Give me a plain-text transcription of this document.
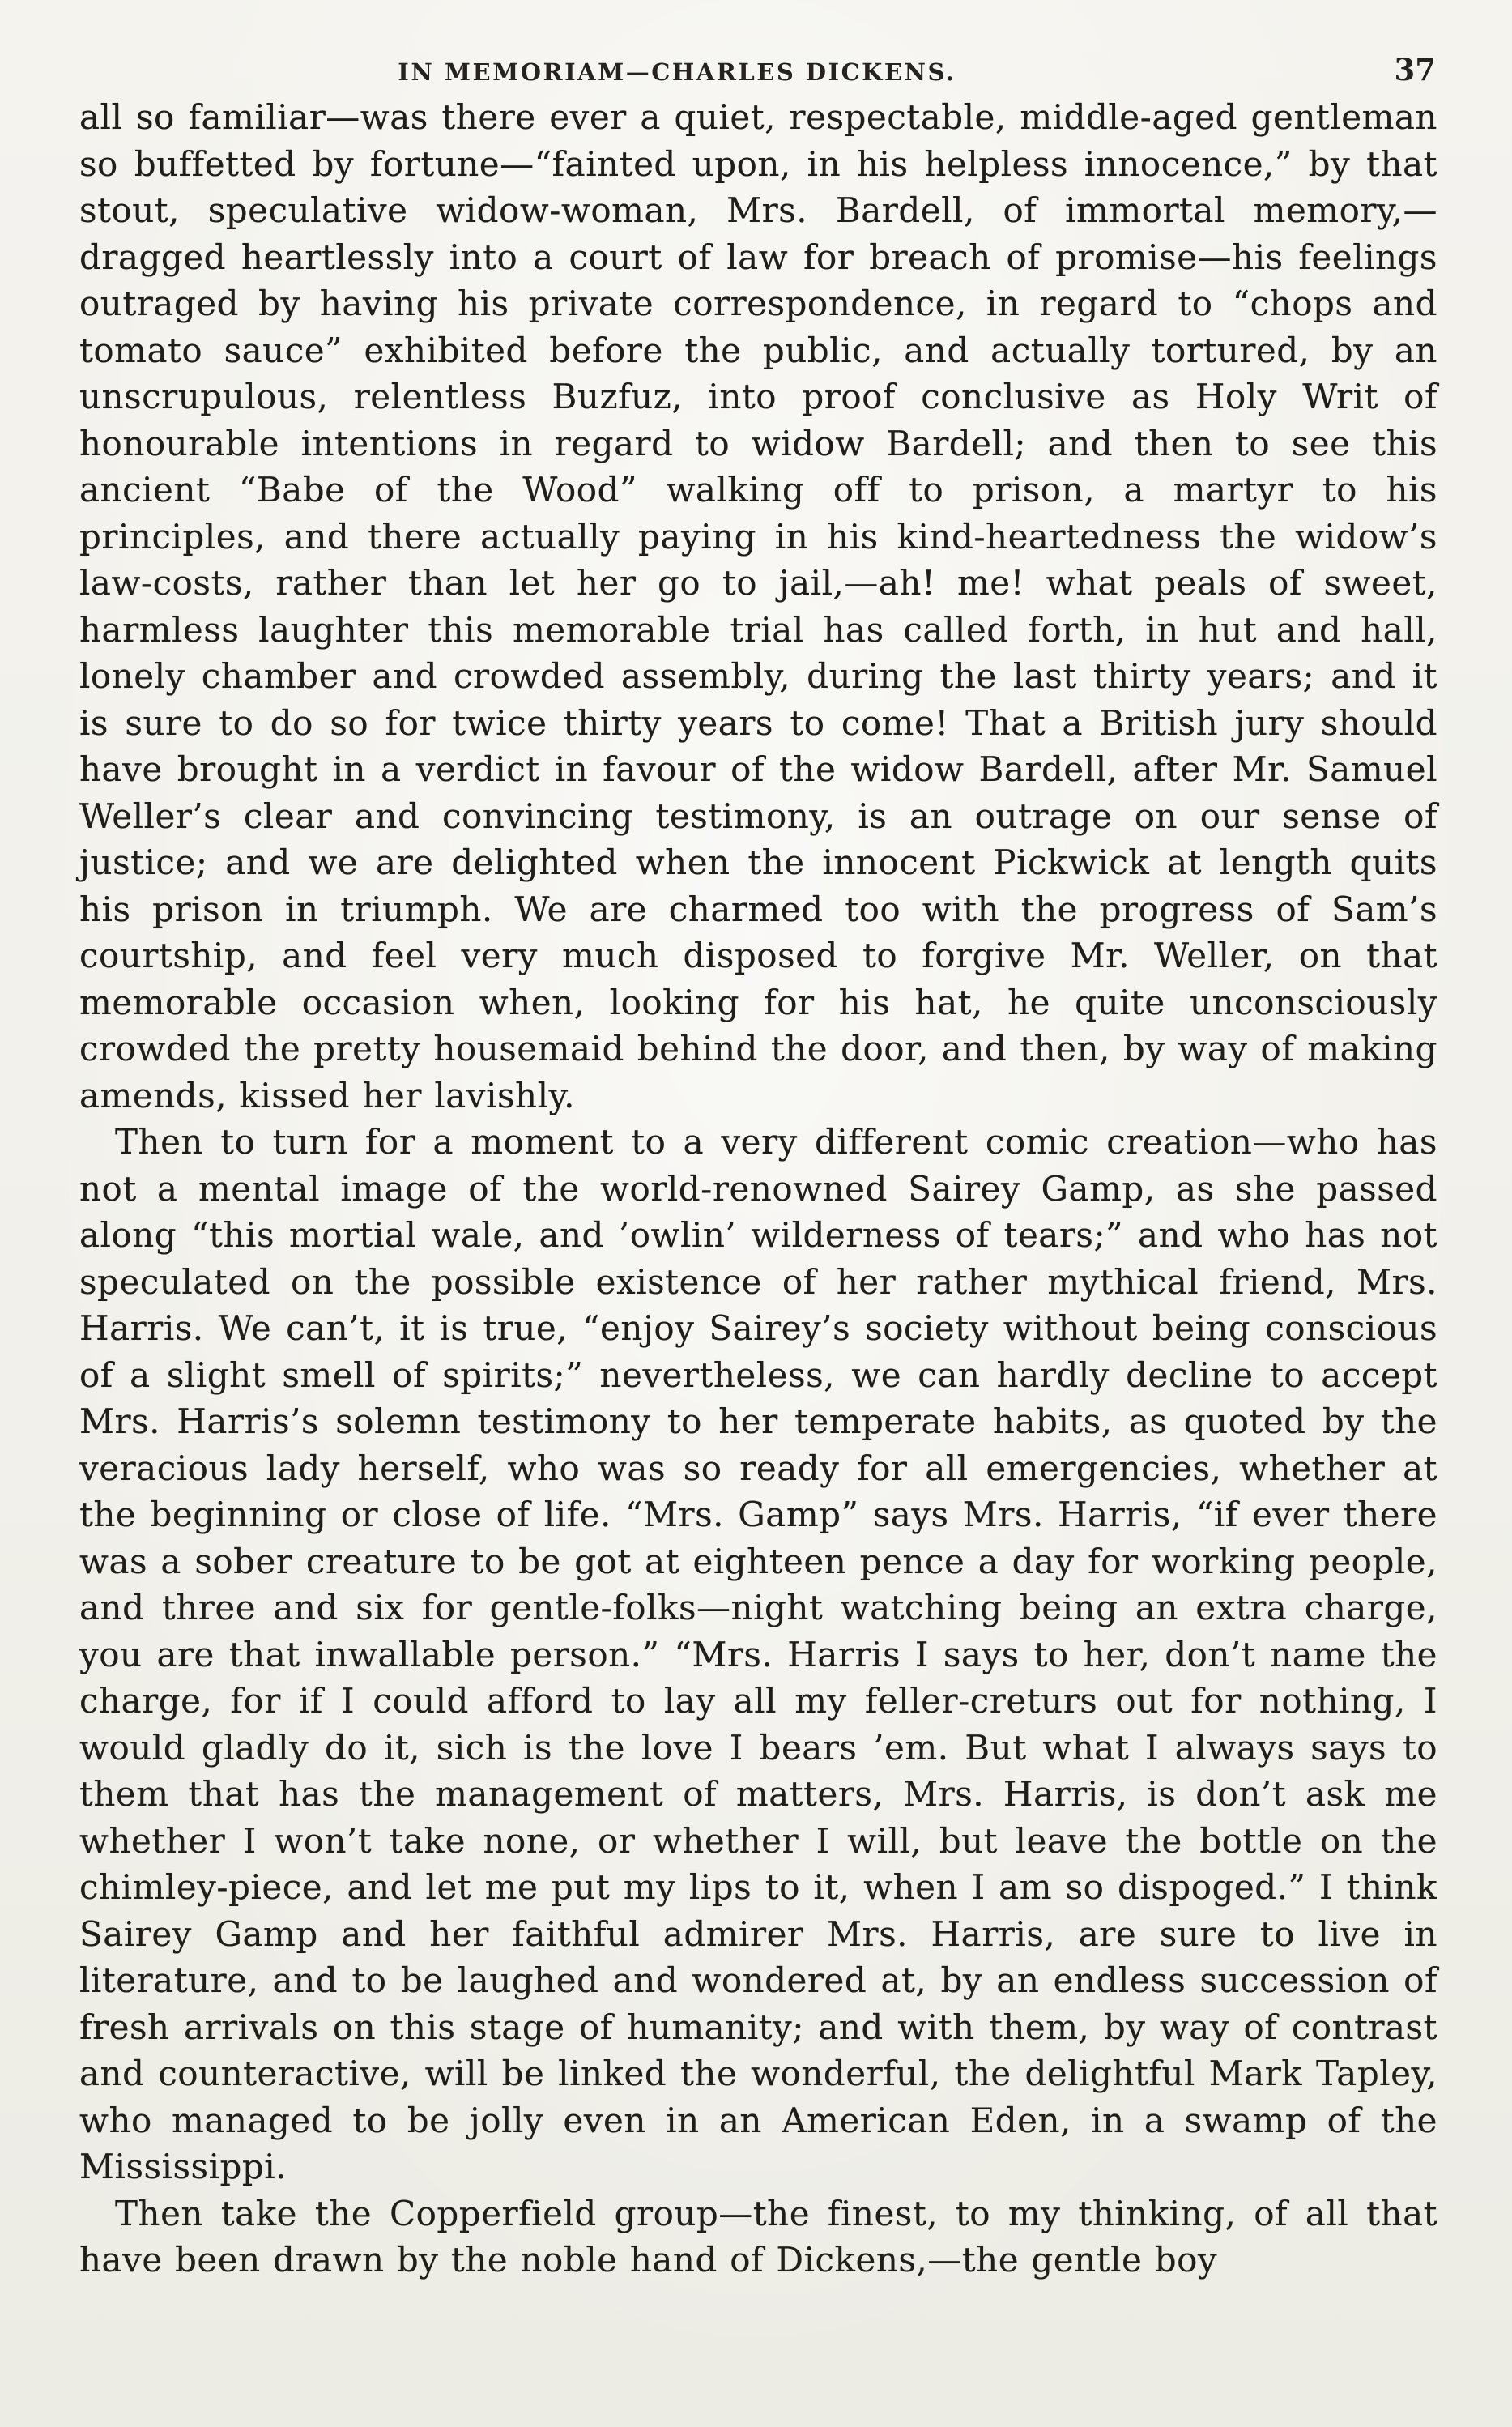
IN MEMORIAM—CHARLES DICKENS.	37

all so familiar—was there ever a quiet, respectable, middle-aged gentleman so buffetted by fortune—“fainted upon, in his helpless innocence,” by that stout, speculative widow-woman, Mrs. Bardell, of immortal memory,—dragged heartlessly into a court of law for breach of promise—his feelings outraged by having his private correspondence, in regard to “chops and tomato sauce” exhibited before the public, and actually tortured, by an unscrupulous, relentless Buzfuz, into proof conclusive as Holy Writ of honourable intentions in regard to widow Bardell; and then to see this ancient “Babe of the Wood” walking off to prison, a martyr to his principles, and there actually paying in his kind-heartedness the widow’s law-costs, rather than let her go to jail,—ah! me! what peals of sweet, harmless laughter this memorable trial has called forth, in hut and hall, lonely chamber and crowded assembly, during the last thirty years; and it is sure to do so for twice thirty years to come! That a British jury should have brought in a verdict in favour of the widow Bardell, after Mr. Samuel Weller’s clear and convincing testimony, is an outrage on our sense of justice; and we are delighted when the innocent Pickwick at length quits his prison in triumph. We are charmed too with the progress of Sam’s courtship, and feel very much disposed to forgive Mr. Weller, on that memorable occasion when, looking for his hat, he quite unconsciously crowded the pretty housemaid behind the door, and then, by way of making amends, kissed her lavishly.

Then to turn for a moment to a very different comic creation—who has not a mental image of the world-renowned Sairey Gamp, as she passed along “this mortial wale, and ’owlin’ wilderness of tears;” and who has not speculated on the possible existence of her rather mythical friend, Mrs. Harris. We can’t, it is true, “enjoy Sairey’s society without being conscious of a slight smell of spirits;” nevertheless, we can hardly decline to accept Mrs. Harris’s solemn testimony to her temperate habits, as quoted by the veracious lady herself, who was so ready for all emergencies, whether at the beginning or close of life. “Mrs. Gamp” says Mrs. Harris, “if ever there was a sober creature to be got at eighteen pence a day for working people, and three and six for gentle-folks—night watching being an extra charge, you are that inwallable person.” “Mrs. Harris I says to her, don’t name the charge, for if I could afford to lay all my feller-creturs out for nothing, I would gladly do it, sich is the love I bears ’em. But what I always says to them that has the management of matters, Mrs. Harris, is don’t ask me whether I won’t take none, or whether I will, but leave the bottle on the chimley-piece, and let me put my lips to it, when I am so dispoged.” I think Sairey Gamp and her faithful admirer Mrs. Harris, are sure to live in literature, and to be laughed and wondered at, by an endless succession of fresh arrivals on this stage of humanity; and with them, by way of contrast and counteractive, will be linked the wonderful, the delightful Mark Tapley, who managed to be jolly even in an American Eden, in a swamp of the Mississippi.

Then take the Copperfield group—the finest, to my thinking, of all that have been drawn by the noble hand of Dickens,—the gentle boy
